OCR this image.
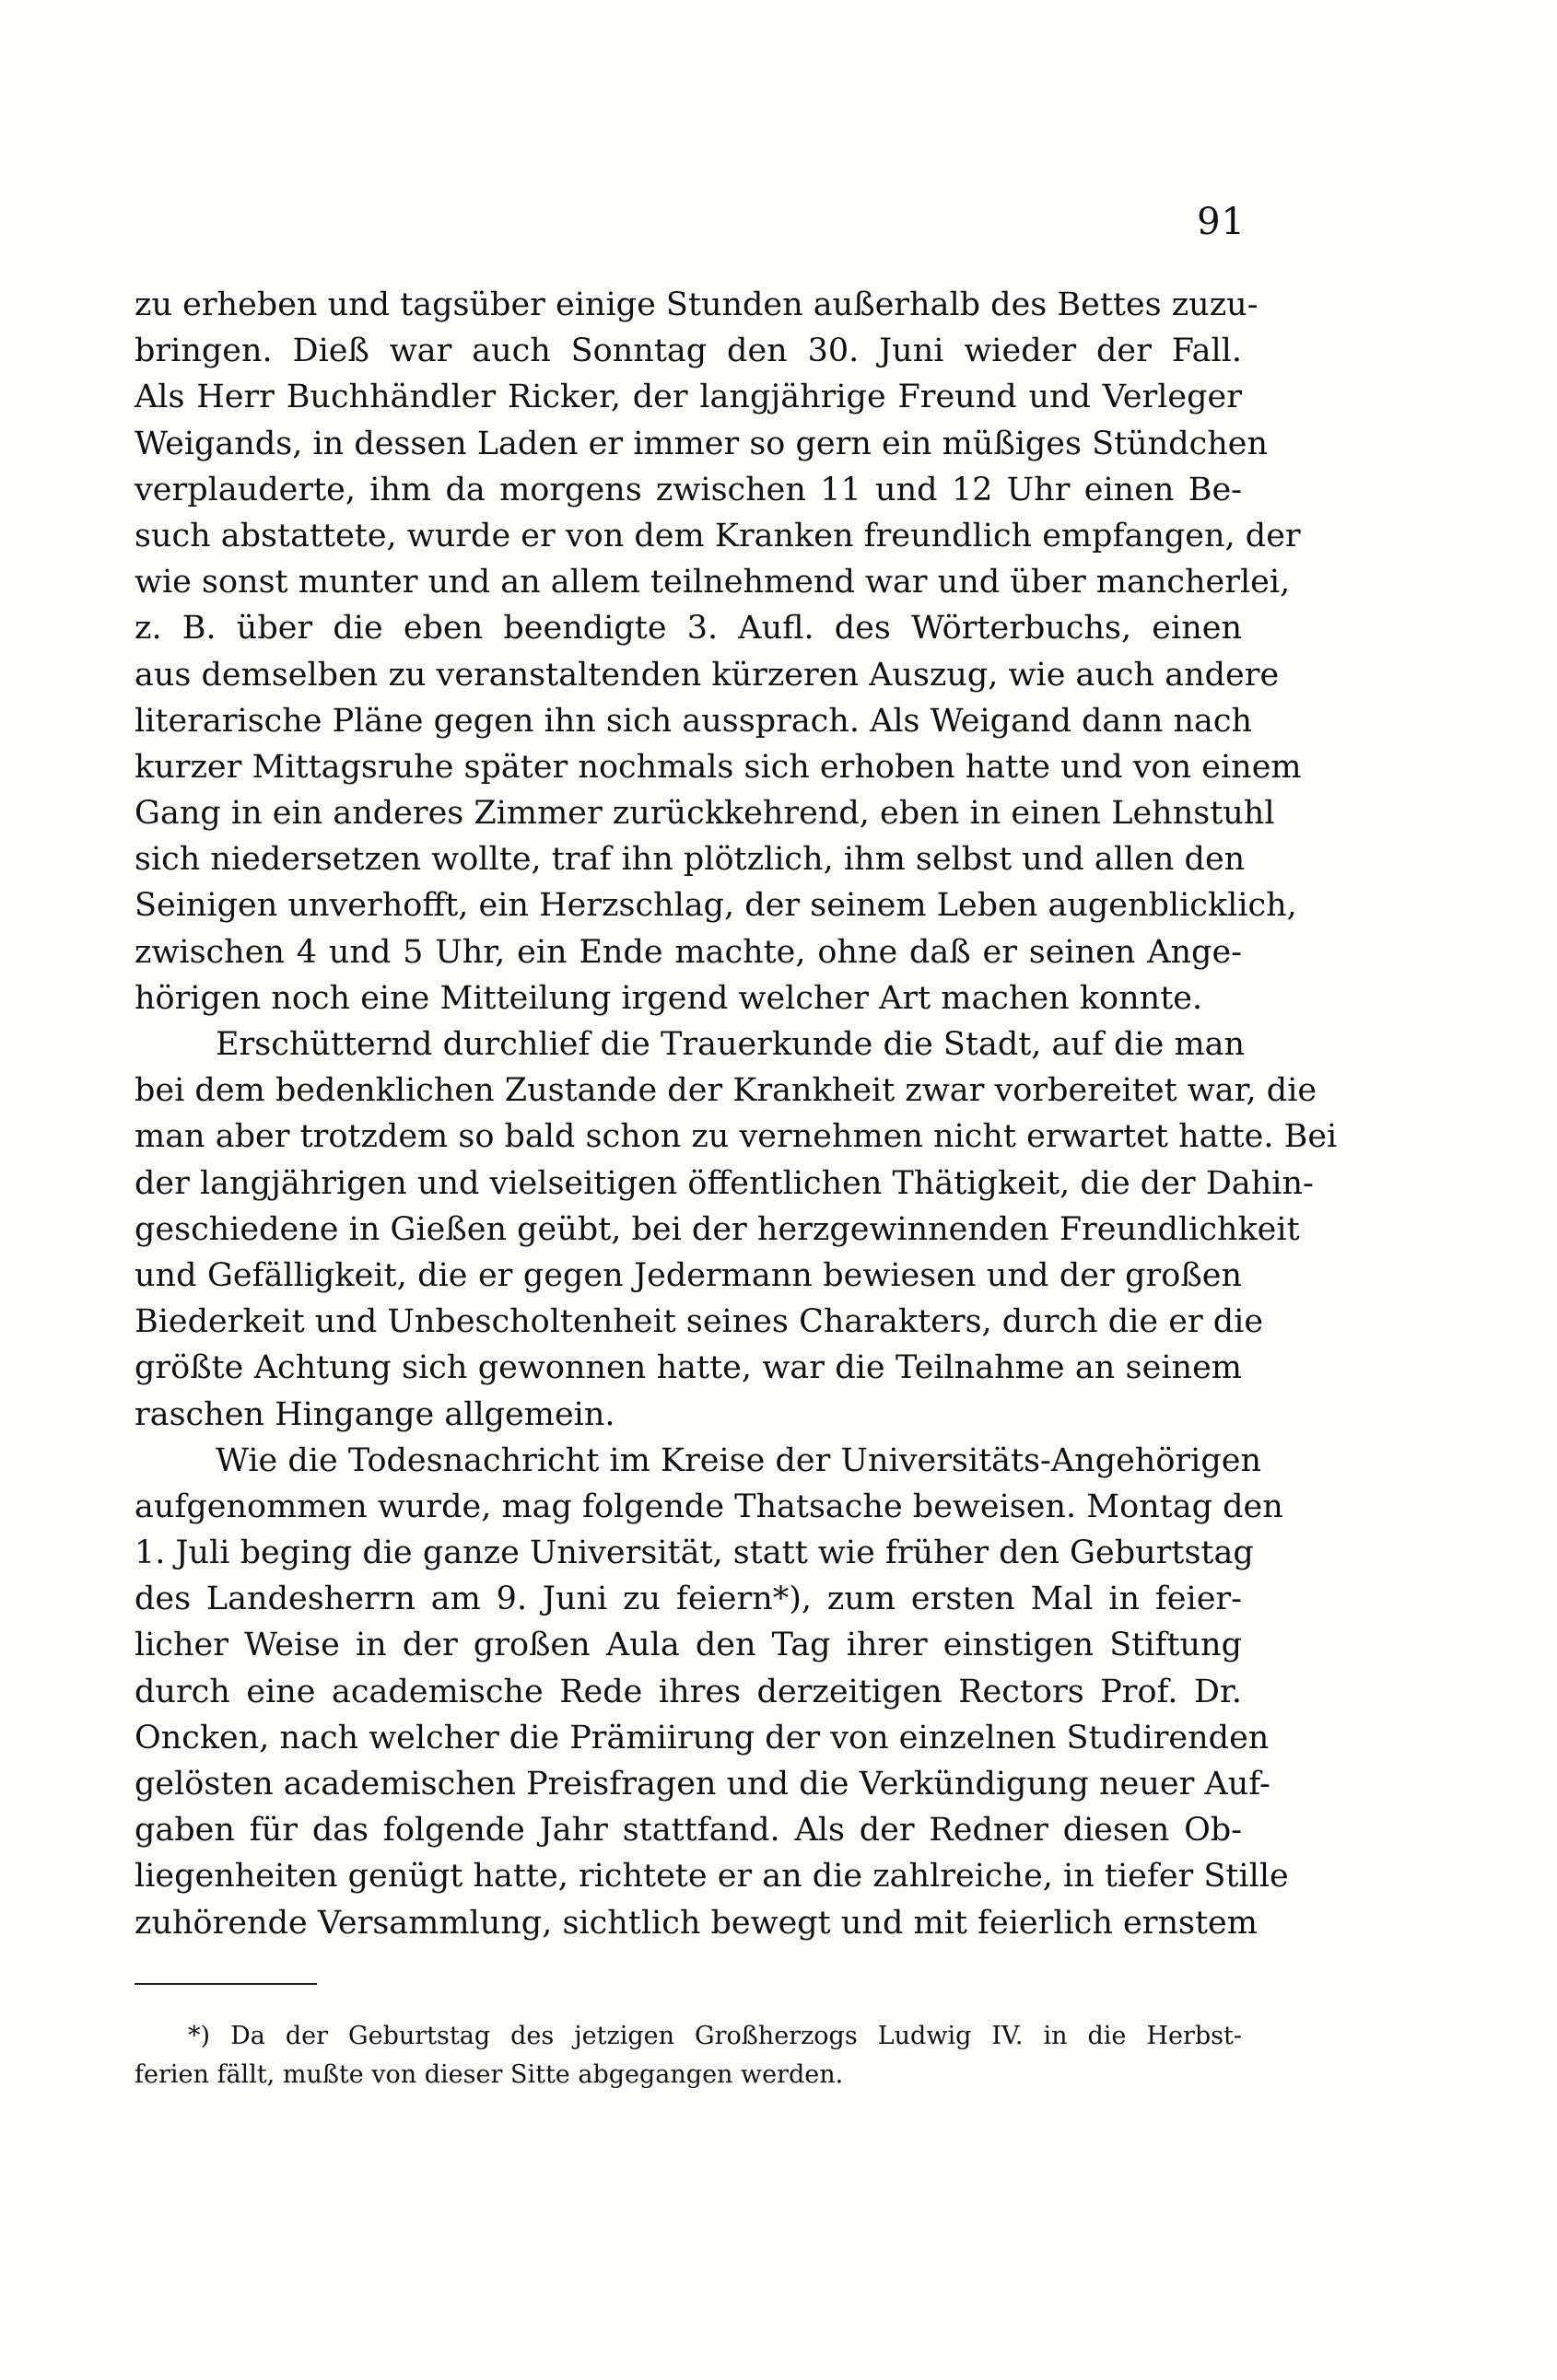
91
zu erheben und tagsüber einige Stunden außerhalb des Bettes zuzu-
bringen. Dieß war auch Sonntag den 30. Juni wieder der Fall.
Als Herr Buchhändler Ricker, der langjährige Freund und Verleger
Weigands, in dessen Laden er immer so gern ein müßiges Stündchen
verplauderte, ihm da morgens zwischen 11 und 12 Uhr einen Be-
such abstattete, wurde er von dem Kranken freundlich empfangen, der
wie sonst munter und an allem teilnehmend war und über mancherlei,
z. B. über die eben beendigte 3. Aufl. des Wörterbuchs, einen
aus demselben zu veranstaltenden kürzeren Auszug, wie auch andere
literarische Pläne gegen ihn sich aussprach. Als Weigand dann nach
kurzer Mittagsruhe später nochmals sich erhoben hatte und von einem
Gang in ein anderes Zimmer zurückkehrend, eben in einen Lehnstuhl
sich niedersetzen wollte, traf ihn plötzlich, ihm selbst und allen den
Seinigen unverhofft, ein Herzschlag, der seinem Leben augenblicklich,
zwischen 4 und 5 Uhr, ein Ende machte, ohne daß er seinen Ange-
hörigen noch eine Mitteilung irgend welcher Art machen konnte.
Erschütternd durchlief die Trauerkunde die Stadt, auf die man
bei dem bedenklichen Zustande der Krankheit zwar vorbereitet war, die
man aber trotzdem so bald schon zu vernehmen nicht erwartet hatte. Bei
der langjährigen und vielseitigen öffentlichen Thätigkeit, die der Dahin-
geschiedene in Gießen geübt, bei der herzgewinnenden Freundlichkeit
und Gefälligkeit, die er gegen Jedermann bewiesen und der großen
Biederkeit und Unbescholtenheit seines Charakters, durch die er die
größte Achtung sich gewonnen hatte, war die Teilnahme an seinem
raschen Hingange allgemein.
Wie die Todesnachricht im Kreise der Universitäts-Angehörigen
aufgenommen wurde, mag folgende Thatsache beweisen. Montag den
1. Juli beging die ganze Universität, statt wie früher den Geburtstag
des Landesherrn am 9. Juni zu feiern*), zum ersten Mal in feier-
licher Weise in der großen Aula den Tag ihrer einstigen Stiftung
durch eine academische Rede ihres derzeitigen Rectors Prof. Dr.
Oncken, nach welcher die Prämiirung der von einzelnen Studirenden
gelösten academischen Preisfragen und die Verkündigung neuer Auf-
gaben für das folgende Jahr stattfand. Als der Redner diesen Ob-
liegenheiten genügt hatte, richtete er an die zahlreiche, in tiefer Stille
zuhörende Versammlung, sichtlich bewegt und mit feierlich ernstem
*) Da der Geburtstag des jetzigen Großherzogs Ludwig IV. in die Herbst-
ferien fällt, mußte von dieser Sitte abgegangen werden.
